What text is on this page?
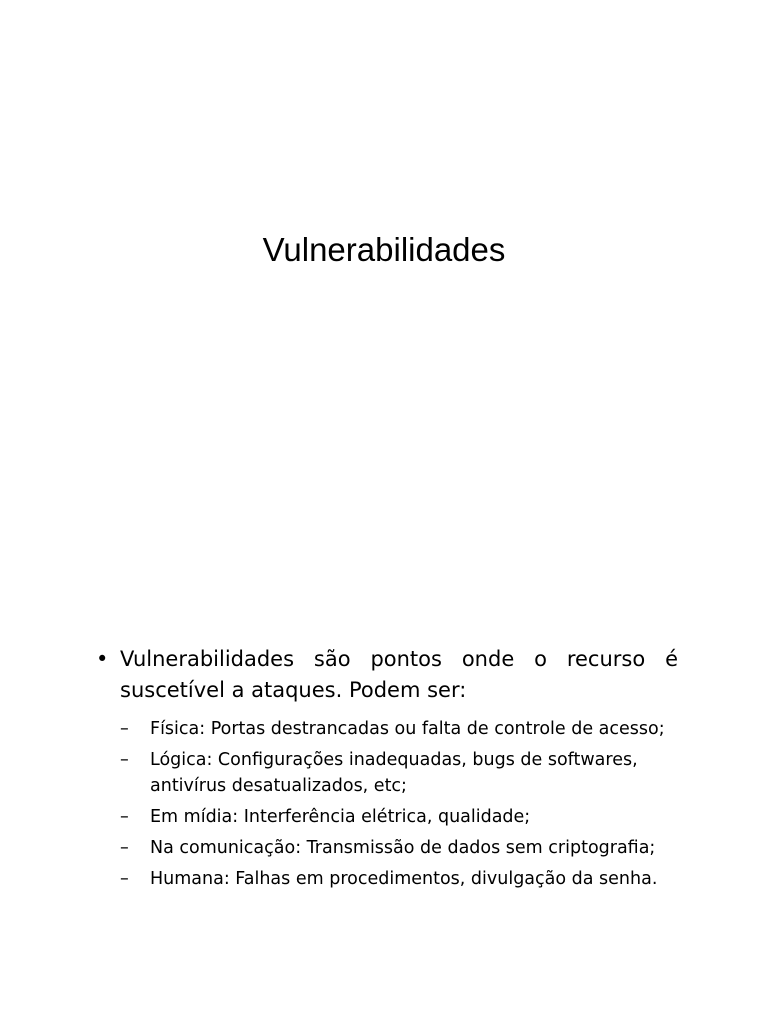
Vulnerabilidades
• Vulnerabilidades são pontos onde o recurso é suscetível a ataques. Podem ser:
– Física: Portas destrancadas ou falta de controle de acesso;
– Lógica: Configurações inadequadas, bugs de softwares, antivírus desatualizados, etc;
– Em mídia: Interferência elétrica, qualidade;
– Na comunicação: Transmissão de dados sem criptografia;
– Humana: Falhas em procedimentos, divulgação da senha.
